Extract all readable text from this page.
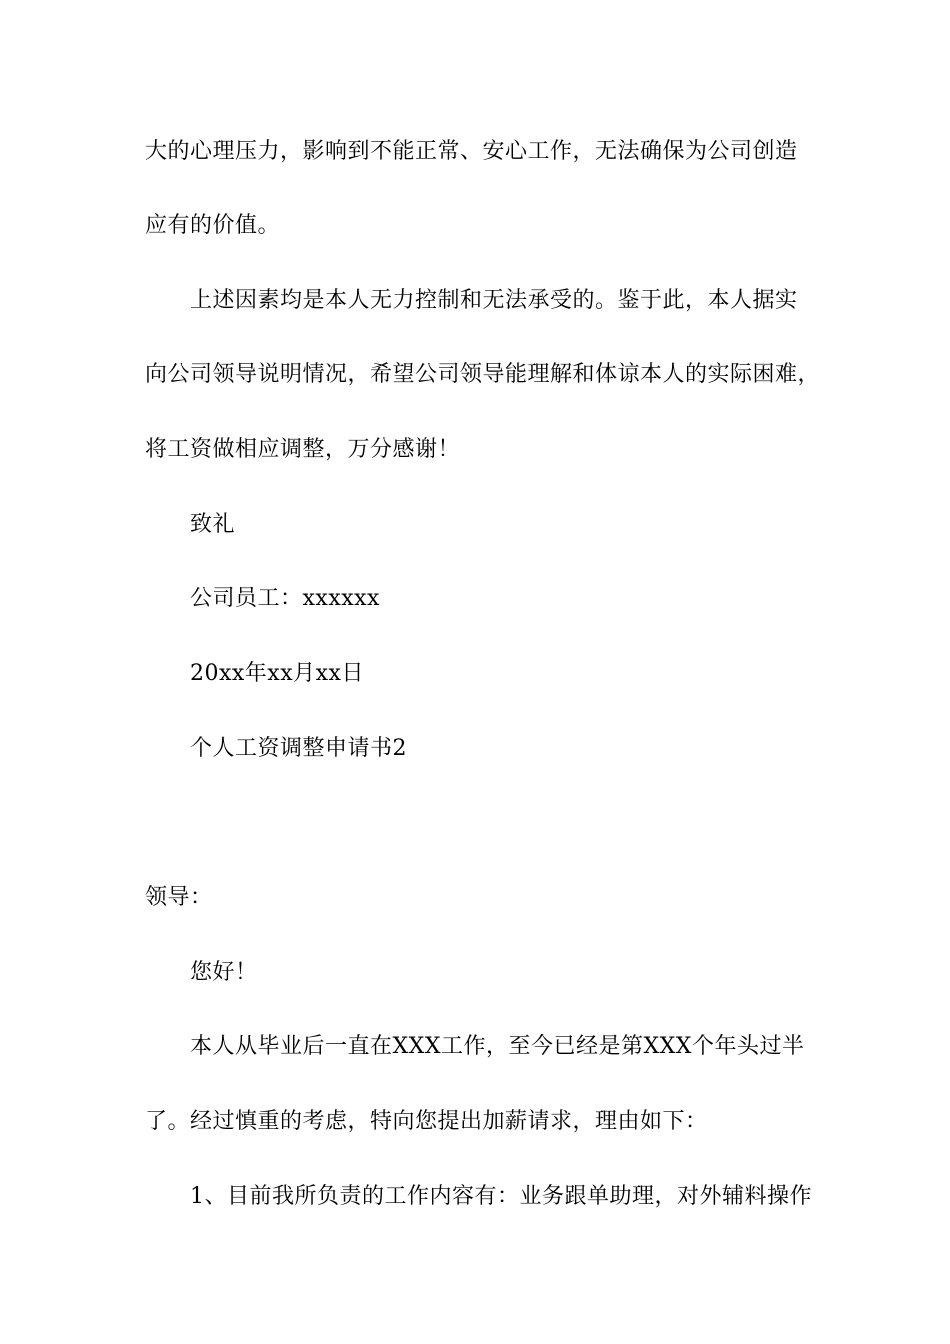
大的心理压力，影响到不能正常、安心工作，无法确保为公司创造
应有的价值。
上述因素均是本人无力控制和无法承受的。鉴于此，本人据实
向公司领导说明情况，希望公司领导能理解和体谅本人的实际困难，
将工资做相应调整，万分感谢！
致礼
公司员工：xxxxxx
20xx年xx月xx日
个人工资调整申请书2
领导：
您好！
本人从毕业后一直在XXX工作，至今已经是第XXX个年头过半
了。经过慎重的考虑，特向您提出加薪请求，理由如下：
1、目前我所负责的工作内容有：业务跟单助理，对外辅料操作
